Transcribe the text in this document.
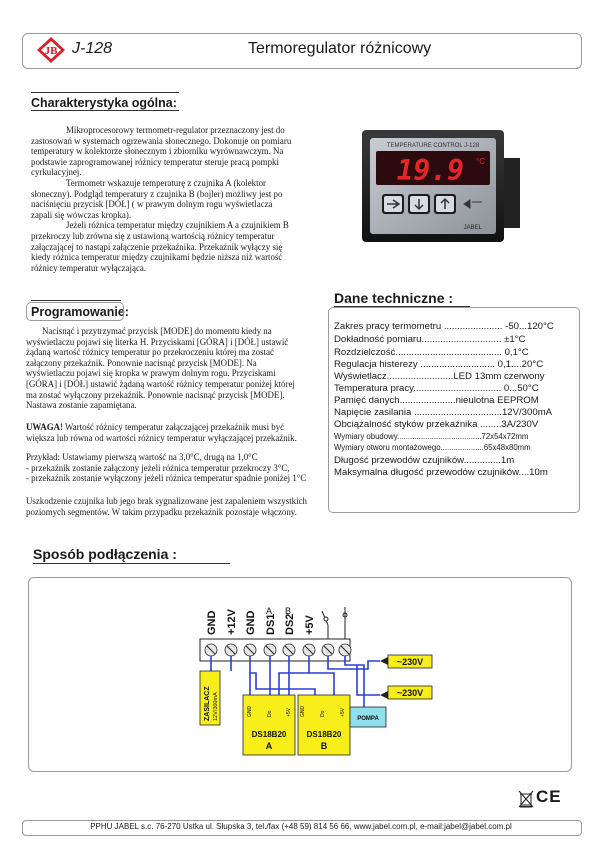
JB J-128	Termoregulator różnicowy
Charakterystyka ogólna:
Mikroprocesorowy termometr-regulator przeznaczony jest do
zastosowań w systemach ogrzewania słonecznego. Dokonuje on pomiaru
temperatury w kolektorze słonecznym i zbiorniku wyrównawczym. Na
podstawie zaprogramowanej różnicy temperatur steruje pracą pompki
cyrkulacyjnej.
Termometr wskazuje temperaturę z czujnika A (kolektor
słoneczny). Podgląd temperatury z czujnika B (bojler) możliwy jest po
naciśnięciu przycisk [DÓŁ] ( w prawym dolnym rogu wyświetlacza
zapali się wówczas kropka).
Jeżeli różnica temperatur między czujnikiem A a czujnikiem B
przekroczy lub zrówna się z ustawioną wartością różnicy temperatur
załączającej to nastąpi załączenie przekaźnika. Przekaźnik wyłączy się
kiedy różnica temperatur między czujnikami będzie niższa niż wartość
różnicy temperatur wyłączająca.
TEMPERATURE CONTROL J-128
19.9 °C
JABEL
Programowanie:
Nacisnąć i przytrzymać przycisk [MODE] do momentu kiedy na
wyświetlaczu pojawi się literka H. Przyciskami [GÓRA] i [DÓŁ] ustawić
żądaną wartość różnicy temperatur po przekroczeniu której ma zostać
załączony przekaźnik. Ponownie nacisnąć przycisk [MODE]. Na
wyświetlaczu pojawi się kropka w prawym dolnym rogu. Przyciskami
[GÓRA] i [DÓŁ] ustawić żądaną wartość różnicy temperatur poniżej której
ma zostać wyłączony przekaźnik. Ponownie nacisnąć przycisk [MODE].
Nastawa zostanie zapamiętana.
UWAGA! Wartość różnicy temperatur załączającej przekaźnik musi być
większa lub równa od wartości różnicy temperatur wyłączającej przekaźnik.
Przykład: Ustawiamy pierwszą wartość na 3,0°C, drugą na 1,0°C
- przekaźnik zostanie załączony jeżeli różnica temperatur przekroczy 3°C,
- przekaźnik zostanie wyłączony jeżeli różnica temperatur spadnie poniżej 1°C
Uszkodzenie czujnika lub jego brak sygnalizowane jest zapaleniem wszystkich
poziomych segmentów. W takim przypadku przekaźnik pozostaje włączony.
Dane techniczne :
Zakres pracy termometru ...................... -50...120°C
Dokładność pomiaru.............................. ±1°C
Rozdzielczość........................................ 0,1°C
Regulacja histerezy ............................ 0,1....20°C
Wyświetlacz.........................LED 13mm czerwony
Temperatura pracy................................. 0...50°C
Pamięć danych.....................nieulotna EEPROM
Napięcie zasilania .................................12V/300mA
Obciążalność styków przekaźnika ........3A/230V
Wymiary obudowy.......................................72x54x72mm
Wymiary otworu montażowego....................65x48x80mm
Długość przewodów czujników..............1m
Maksymalna długość przewodów czujników....10m
Sposób podłączenia :
GND +12V GND DS1 DS2 +5V
A B
ZASILACZ 12V/300mA	GND	Do	+5V
DS18B20
A
GND	Do	+5V
DS18B20
B
~230V
~230V
POMPA
CE
PPHU JABEL s.c. 76-270 Ustka ul. Słupska 3, tel./fax (+48 59) 814 56 66, www.jabel.com.pl, e-mail:jabel@jabel.com.pl
